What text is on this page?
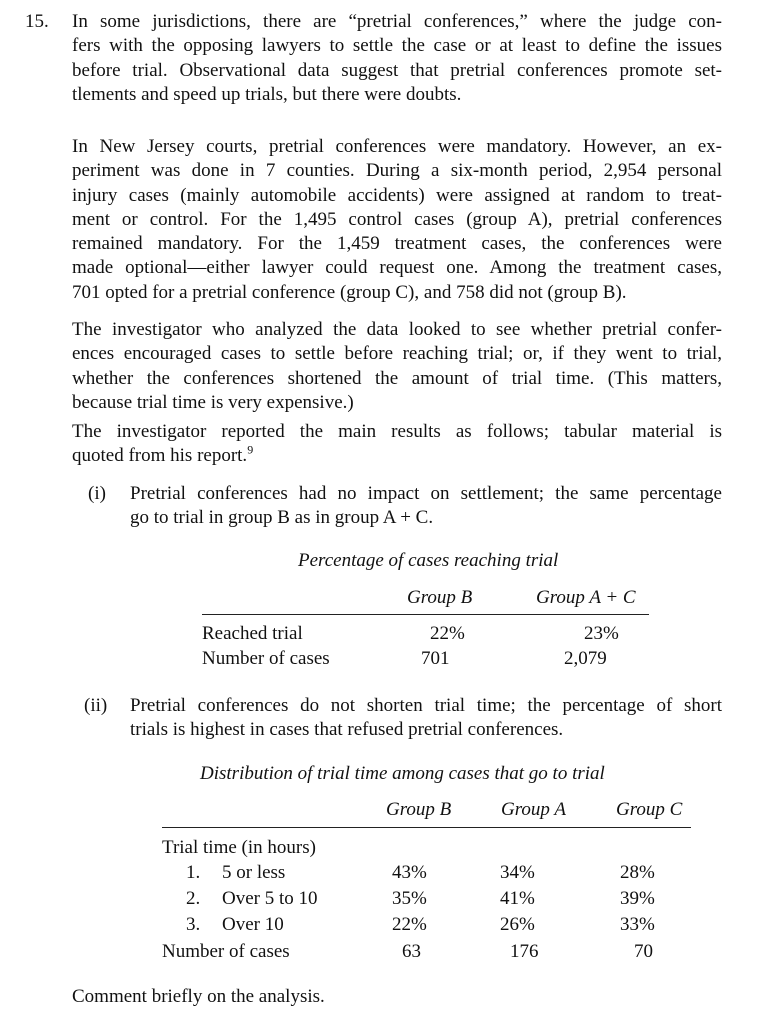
15. In some jurisdictions, there are “pretrial conferences,” where the judge con-
fers with the opposing lawyers to settle the case or at least to define the issues
before trial. Observational data suggest that pretrial conferences promote set-
tlements and speed up trials, but there were doubts.
In New Jersey courts, pretrial conferences were mandatory. However, an ex-
periment was done in 7 counties. During a six-month period, 2,954 personal
injury cases (mainly automobile accidents) were assigned at random to treat-
ment or control. For the 1,495 control cases (group A), pretrial conferences
remained mandatory. For the 1,459 treatment cases, the conferences were
made optional—either lawyer could request one. Among the treatment cases,
701 opted for a pretrial conference (group C), and 758 did not (group B).
The investigator who analyzed the data looked to see whether pretrial confer-
ences encouraged cases to settle before reaching trial; or, if they went to trial,
whether the conferences shortened the amount of trial time. (This matters,
because trial time is very expensive.)
The investigator reported the main results as follows; tabular material is
quoted from his report.$^9$
(i) Pretrial conferences had no impact on settlement; the same percentage
go to trial in group B as in group A + C.
Percentage of cases reaching trial
Group B	Group A + C
Reached trial	22%	23%
Number of cases	701	2,079
(ii) Pretrial conferences do not shorten trial time; the percentage of short
trials is highest in cases that refused pretrial conferences.
Distribution of trial time among cases that go to trial
Group B	Group A	Group C
Trial time (in hours)
1. 5 or less	43%	34%	28%
2. Over 5 to 10	35%	41%	39%
3. Over 10	22%	26%	33%
Number of cases	63	176	70
Comment briefly on the analysis.
